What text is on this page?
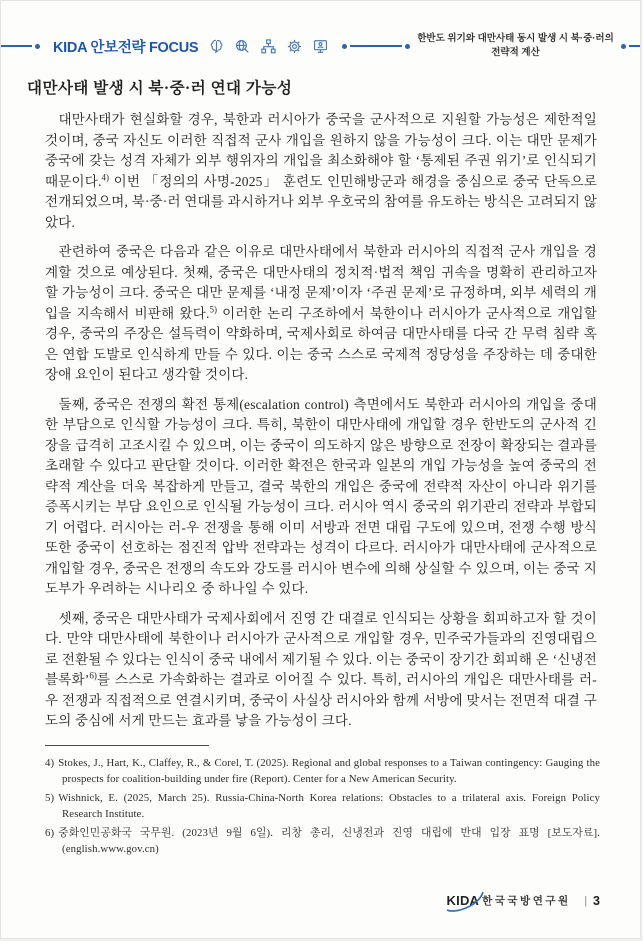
KIDA 안보전략 FOCUS
한반도 위기와 대만사태 동시 발생 시 북·중·러의
전략적 계산
대만사태 발생 시 북·중·러 연대 가능성

대만사태가 현실화할 경우, 북한과 러시아가 중국을 군사적으로 지원할 가능성은 제한적일 것이며, 중국 자신도 이러한 직접적 군사 개입을 원하지 않을 가능성이 크다. 이는 대만 문제가 중국에 갖는 성격 자체가 외부 행위자의 개입을 최소화해야 할 ‘통제된 주권 위기’로 인식되기 때문이다.$^{4)}$ 이번 「정의의 사명-2025」 훈련도 인민해방군과 해경을 중심으로 중국 단독으로 전개되었으며, 북·중·러 연대를 과시하거나 외부 우호국의 참여를 유도하는 방식은 고려되지 않았다.

관련하여 중국은 다음과 같은 이유로 대만사태에서 북한과 러시아의 직접적 군사 개입을 경계할 것으로 예상된다. 첫째, 중국은 대만사태의 정치적·법적 책임 귀속을 명확히 관리하고자 할 가능성이 크다. 중국은 대만 문제를 ‘내정 문제’이자 ‘주권 문제’로 규정하며, 외부 세력의 개입을 지속해서 비판해 왔다.$^{5)}$ 이러한 논리 구조하에서 북한이나 러시아가 군사적으로 개입할 경우, 중국의 주장은 설득력이 약화하며, 국제사회로 하여금 대만사태를 다국 간 무력 침략 혹은 연합 도발로 인식하게 만들 수 있다. 이는 중국 스스로 국제적 정당성을 주장하는 데 중대한 장애 요인이 된다고 생각할 것이다.

둘째, 중국은 전쟁의 확전 통제(escalation control) 측면에서도 북한과 러시아의 개입을 중대한 부담으로 인식할 가능성이 크다. 특히, 북한이 대만사태에 개입할 경우 한반도의 군사적 긴장을 급격히 고조시킬 수 있으며, 이는 중국이 의도하지 않은 방향으로 전장이 확장되는 결과를 초래할 수 있다고 판단할 것이다. 이러한 확전은 한국과 일본의 개입 가능성을 높여 중국의 전략적 계산을 더욱 복잡하게 만들고, 결국 북한의 개입은 중국에 전략적 자산이 아니라 위기를 증폭시키는 부담 요인으로 인식될 가능성이 크다. 러시아 역시 중국의 위기관리 전략과 부합되기 어렵다. 러시아는 러-우 전쟁을 통해 이미 서방과 전면 대립 구도에 있으며, 전쟁 수행 방식 또한 중국이 선호하는 점진적 압박 전략과는 성격이 다르다. 러시아가 대만사태에 군사적으로 개입할 경우, 중국은 전쟁의 속도와 강도를 러시아 변수에 의해 상실할 수 있으며, 이는 중국 지도부가 우려하는 시나리오 중 하나일 수 있다.

셋째, 중국은 대만사태가 국제사회에서 진영 간 대결로 인식되는 상황을 회피하고자 할 것이다. 만약 대만사태에 북한이나 러시아가 군사적으로 개입할 경우, 민주국가들과의 진영대립으로 전환될 수 있다는 인식이 중국 내에서 제기될 수 있다. 이는 중국이 장기간 회피해 온 ‘신냉전 블록화’$^{6)}$를 스스로 가속화하는 결과로 이어질 수 있다. 특히, 러시아의 개입은 대만사태를 러-우 전쟁과 직접적으로 연결시키며, 중국이 사실상 러시아와 함께 서방에 맞서는 전면적 대결 구도의 중심에 서게 만드는 효과를 낳을 가능성이 크다.

4) Stokes, J., Hart, K., Claffey, R., & Corel, T. (2025). Regional and global responses to a Taiwan contingency: Gauging the prospects for coalition-building under fire (Report). Center for a New American Security.
5) Wishnick, E. (2025, March 25). Russia-China-North Korea relations: Obstacles to a trilateral axis. Foreign Policy Research Institute.
6) 중화인민공화국 국무원. (2023년 9월 6일). 리창 총리, 신냉전과 진영 대립에 반대 입장 표명 [보도자료]. (english.www.gov.cn)
KIDA 한국국방연구원 | 3
